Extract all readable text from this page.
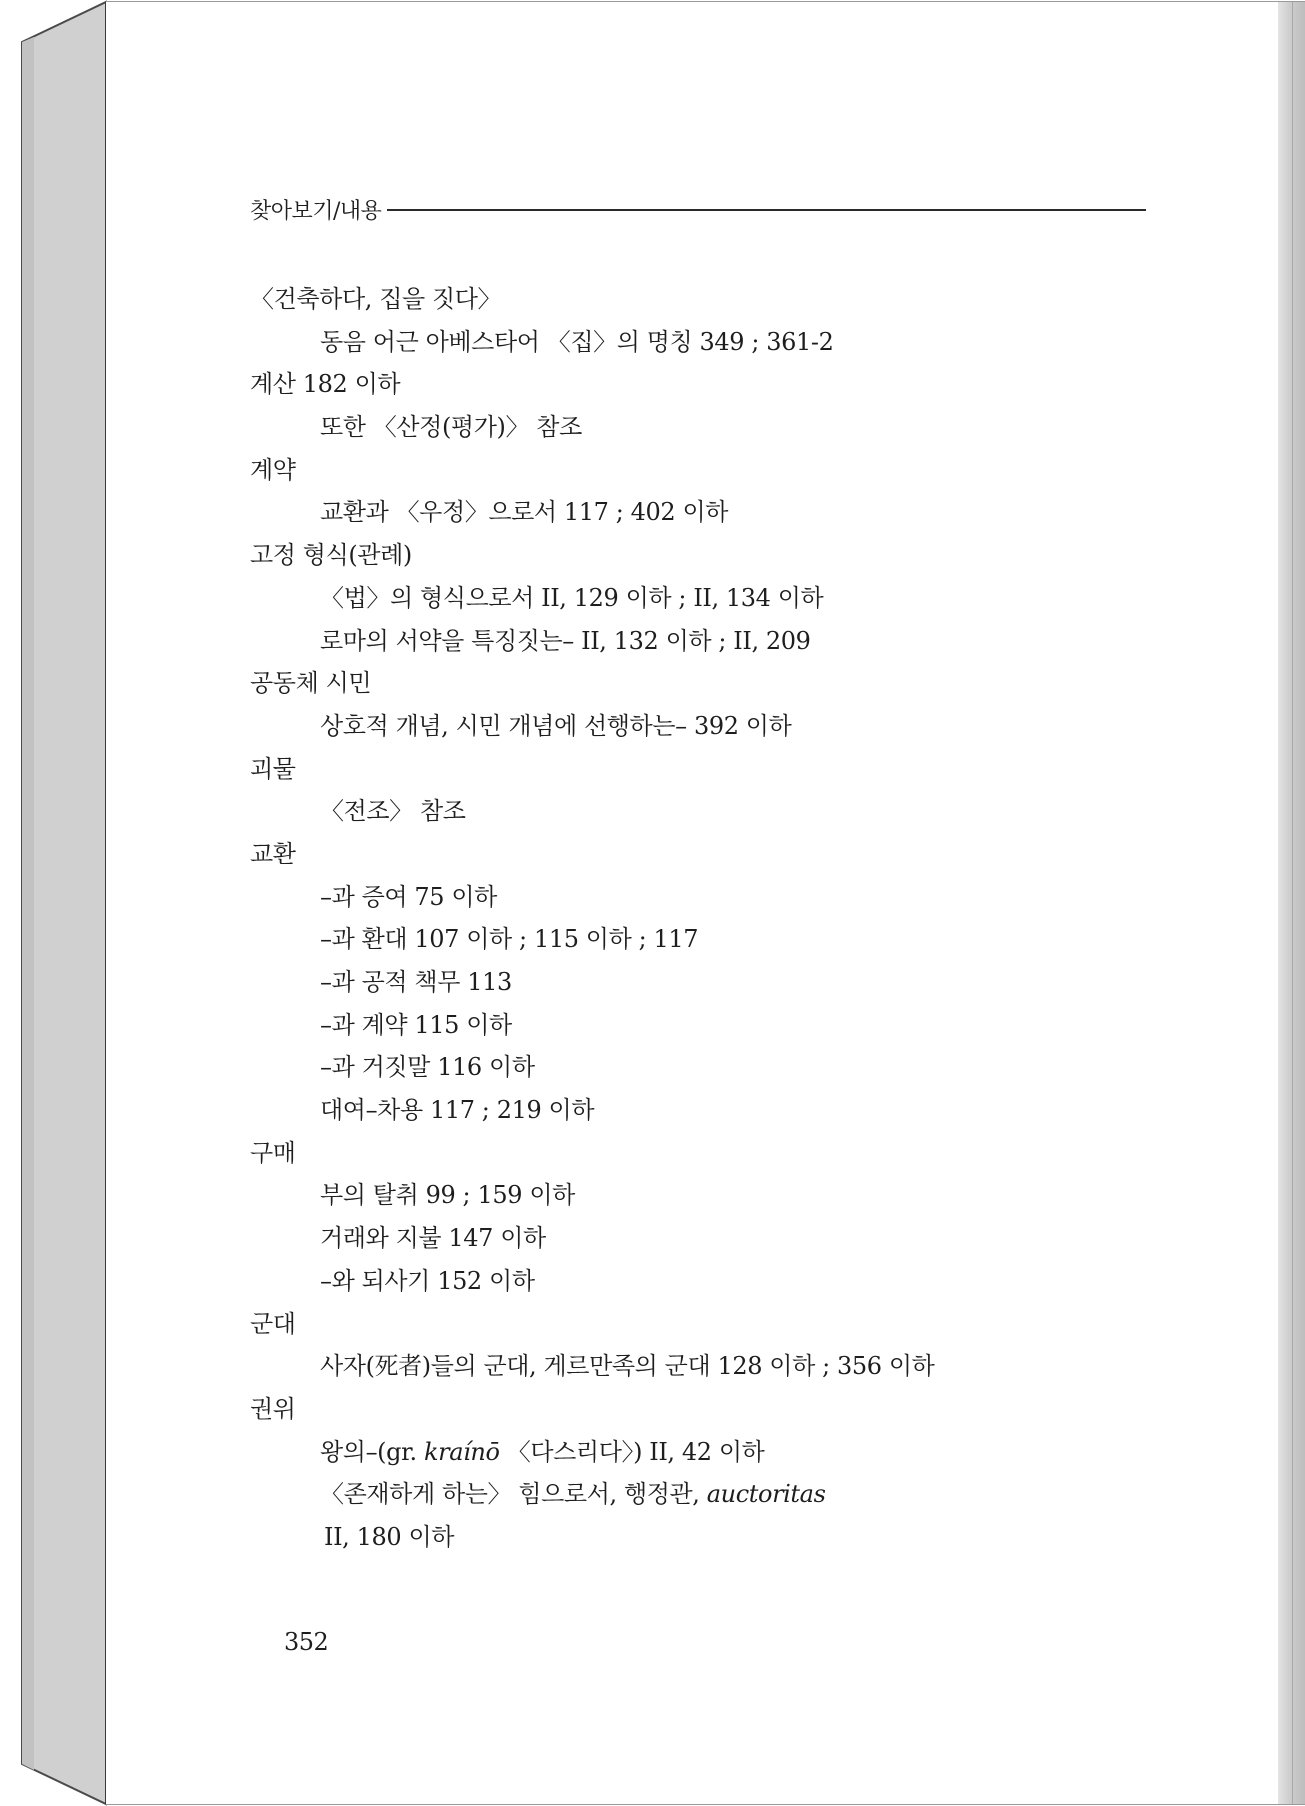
찾아보기/내용
〈건축하다, 집을 짓다〉
동음 어근 아베스타어 〈집〉의 명칭 349 ; 361-2
계산 182 이하
또한 〈산정(평가)〉 참조
계약
교환과 〈우정〉으로서 117 ; 402 이하
고정 형식(관례)
〈법〉의 형식으로서 II, 129 이하 ; II, 134 이하
로마의 서약을 특징짓는– II, 132 이하 ; II, 209
공동체 시민
상호적 개념, 시민 개념에 선행하는– 392 이하
괴물
〈전조〉 참조
교환
–과 증여 75 이하
–과 환대 107 이하 ; 115 이하 ; 117
–과 공적 책무 113
–과 계약 115 이하
–과 거짓말 116 이하
대여–차용 117 ; 219 이하
구매
부의 탈취 99 ; 159 이하
거래와 지불 147 이하
–와 되사기 152 이하
군대
사자(死者)들의 군대, 게르만족의 군대 128 이하 ; 356 이하
권위
왕의–(gr. kraínō 〈다스리다〉) II, 42 이하
〈존재하게 하는〉 힘으로서, 행정관, auctoritas
II, 180 이하
352
